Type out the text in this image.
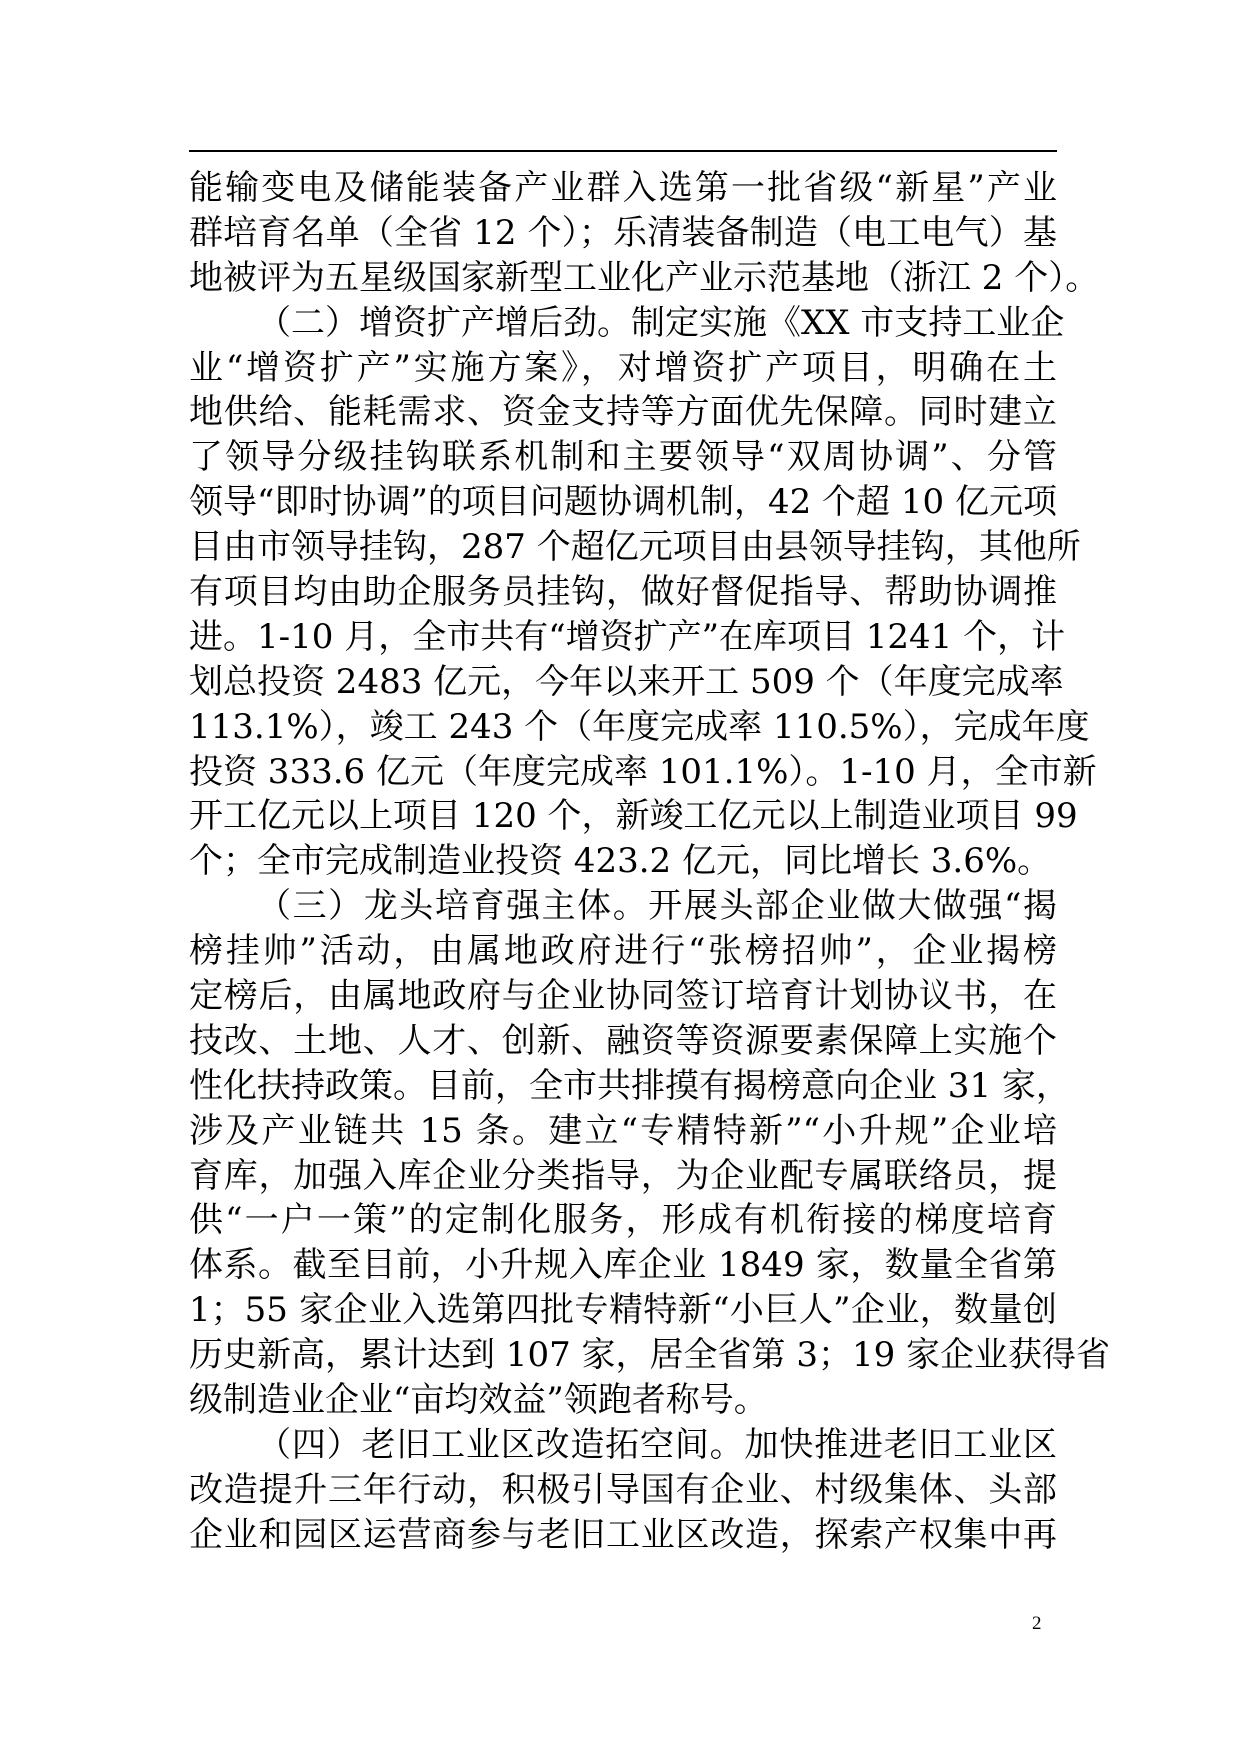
能输变电及储能装备产业群入选第一批省级“新星”产业
群培育名单（全省 12 个）；乐清装备制造（电工电气）基
地被评为五星级国家新型工业化产业示范基地（浙江 2 个）。
（二）增资扩产增后劲。制定实施《XX 市支持工业企
业“增资扩产”实施方案》，对增资扩产项目，明确在土
地供给、能耗需求、资金支持等方面优先保障。同时建立
了领导分级挂钩联系机制和主要领导“双周协调”、分管
领导“即时协调”的项目问题协调机制，42 个超 10 亿元项
目由市领导挂钩，287 个超亿元项目由县领导挂钩，其他所
有项目均由助企服务员挂钩，做好督促指导、帮助协调推
进。1-10 月，全市共有“增资扩产”在库项目 1241 个，计
划总投资 2483 亿元，今年以来开工 509 个（年度完成率
113.1%），竣工 243 个（年度完成率 110.5%），完成年度
投资 333.6 亿元（年度完成率 101.1%）。1-10 月，全市新
开工亿元以上项目 120 个，新竣工亿元以上制造业项目 99
个；全市完成制造业投资 423.2 亿元，同比增长 3.6%。
（三）龙头培育强主体。开展头部企业做大做强“揭
榜挂帅”活动，由属地政府进行“张榜招帅”，企业揭榜
定榜后，由属地政府与企业协同签订培育计划协议书，在
技改、土地、人才、创新、融资等资源要素保障上实施个
性化扶持政策。目前，全市共排摸有揭榜意向企业 31 家，
涉及产业链共 15 条。建立“专精特新”“小升规”企业培
育库，加强入库企业分类指导，为企业配专属联络员，提
供“一户一策”的定制化服务，形成有机衔接的梯度培育
体系。截至目前，小升规入库企业 1849 家，数量全省第
1；55 家企业入选第四批专精特新“小巨人”企业，数量创
历史新高，累计达到 107 家，居全省第 3；19 家企业获得省
级制造业企业“亩均效益”领跑者称号。
（四）老旧工业区改造拓空间。加快推进老旧工业区
改造提升三年行动，积极引导国有企业、村级集体、头部
企业和园区运营商参与老旧工业区改造，探索产权集中再
2
